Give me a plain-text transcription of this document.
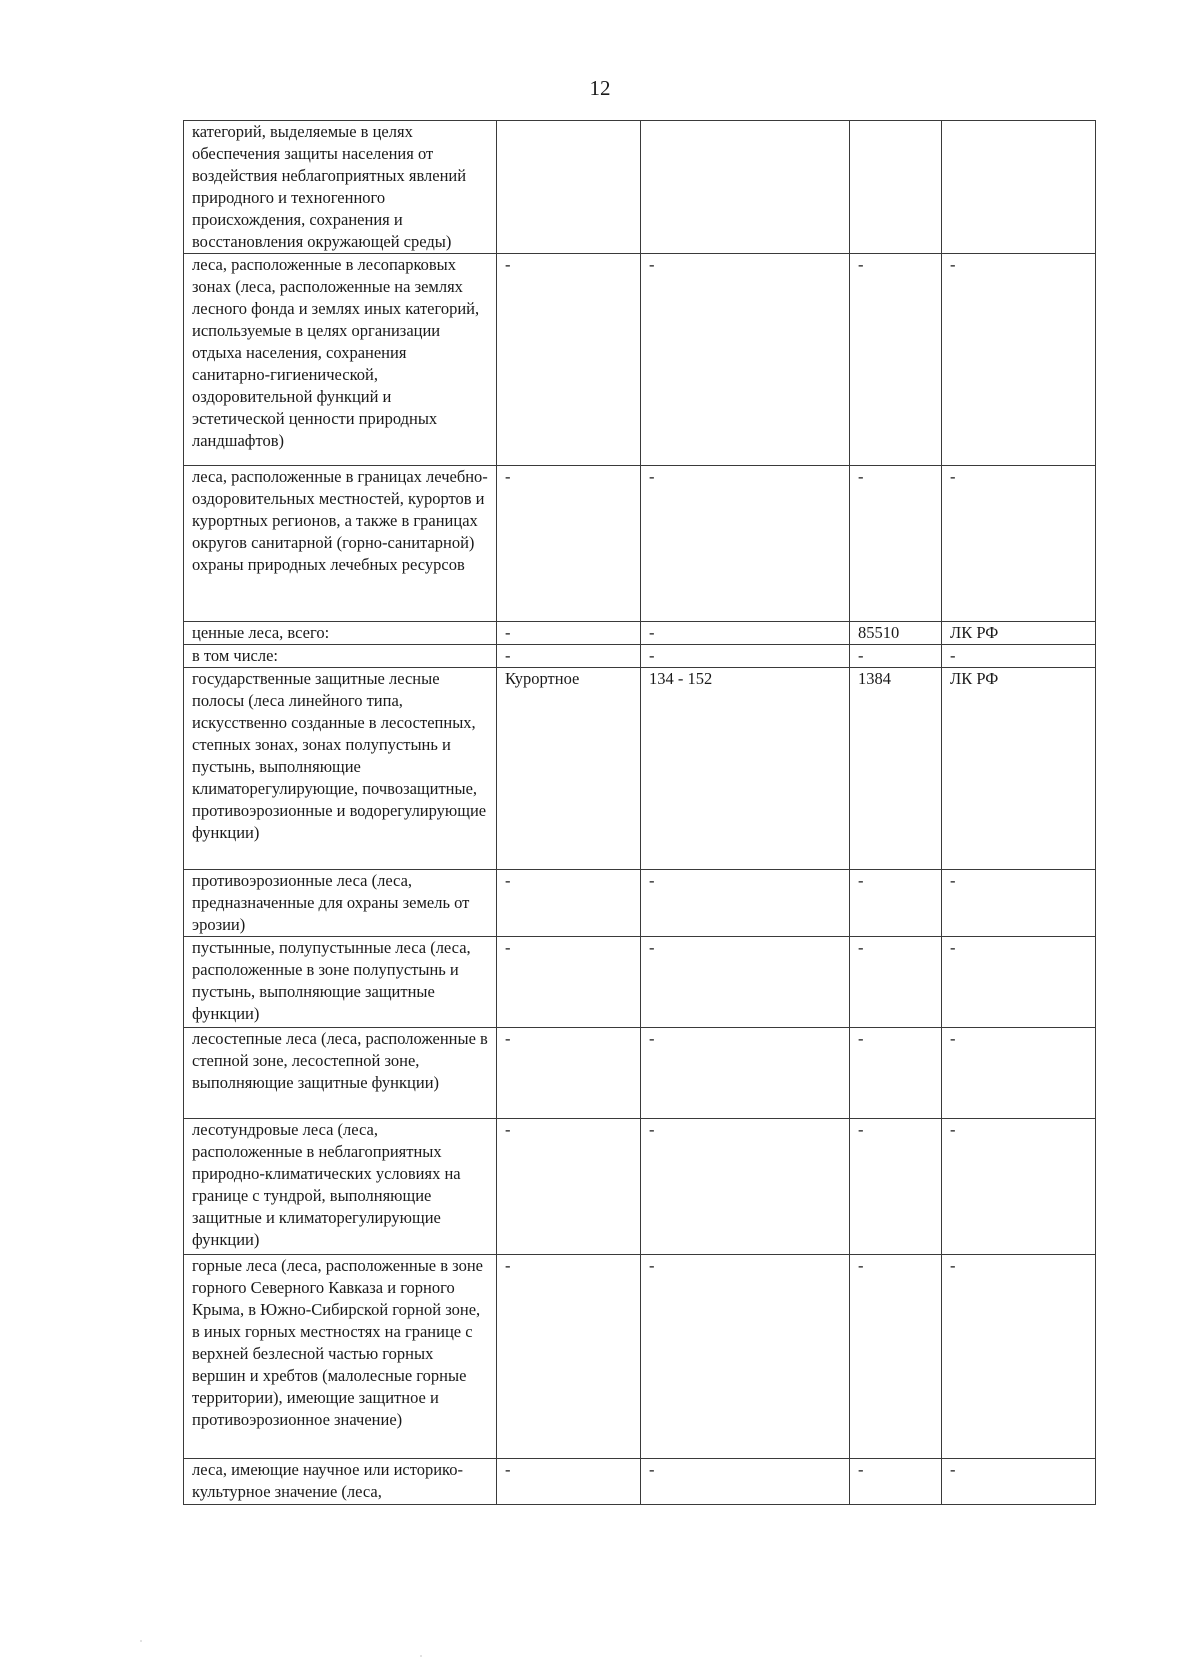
12
категорий, выделяемые в целях обеспечения защиты населения от воздействия неблагоприятных явлений природного и техногенного происхождения, сохранения и восстановления окружающей среды)				
леса, расположенные в лесопарковых зонах (леса, расположенные на землях лесного фонда и землях иных категорий, используемые в целях организации отдыха населения, сохранения санитарно-гигиенической, оздоровительной функций и эстетической ценности природных ландшафтов)	-	-	-	-
леса, расположенные в границах лечебно-оздоровительных местностей, курортов и курортных регионов, а также в границах округов санитарной (горно-санитарной) охраны природных лечебных ресурсов	-	-	-	-
ценные леса, всего:	-	-	85510	ЛК РФ
в том числе:	-	-	-	-
государственные защитные лесные полосы (леса линейного типа, искусственно созданные в лесостепных, степных зонах, зонах полупустынь и пустынь, выполняющие климаторегулирующие, почвозащитные, противоэрозионные и водорегулирующие функции)	Курортное	134 - 152	1384	ЛК РФ
противоэрозионные леса (леса, предназначенные для охраны земель от эрозии)	-	-	-	-
пустынные, полупустынные леса (леса, расположенные в зоне полупустынь и пустынь, выполняющие защитные функции)	-	-	-	-
лесостепные леса (леса, расположенные в степной зоне, лесостепной зоне, выполняющие защитные функции)	-	-	-	-
лесотундровые леса (леса, расположенные в неблагоприятных природно-климатических условиях на границе с тундрой, выполняющие защитные и климаторегулирующие функции)	-	-	-	-
горные леса (леса, расположенные в зоне горного Северного Кавказа и горного Крыма, в Южно-Сибирской горной зоне, в иных горных местностях на границе с верхней безлесной частью горных вершин и хребтов (малолесные горные территории), имеющие защитное и противоэрозионное значение)	-	-	-	-
леса, имеющие научное или историко-культурное значение (леса,	-	-	-	-
